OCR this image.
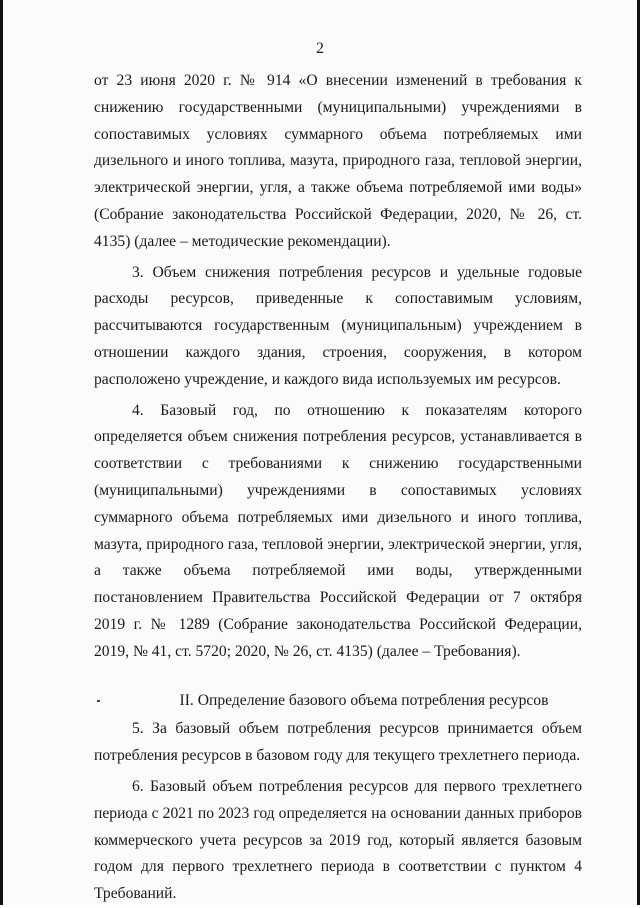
2

от 23 июня 2020 г. № 914 «О внесении изменений в требования к снижению государственными (муниципальными) учреждениями в сопоставимых условиях суммарного объема потребляемых ими дизельного и иного топлива, мазута, природного газа, тепловой энергии, электрической энергии, угля, а также объема потребляемой ими воды» (Собрание законодательства Российской Федерации, 2020, № 26, ст. 4135) (далее – методические рекомендации).

3. Объем снижения потребления ресурсов и удельные годовые расходы ресурсов, приведенные к сопоставимым условиям, рассчитываются государственным (муниципальным) учреждением в отношении каждого здания, строения, сооружения, в котором расположено учреждение, и каждого вида используемых им ресурсов.

4. Базовый год, по отношению к показателям которого определяется объем снижения потребления ресурсов, устанавливается в соответствии с требованиями к снижению государственными (муниципальными) учреждениями в сопоставимых условиях суммарного объема потребляемых ими дизельного и иного топлива, мазута, природного газа, тепловой энергии, электрической энергии, угля, а также объема потребляемой ими воды, утвержденными постановлением Правительства Российской Федерации от 7 октября 2019 г. № 1289 (Собрание законодательства Российской Федерации, 2019, № 41, ст. 5720; 2020, № 26, ст. 4135) (далее – Требования).

II. Определение базового объема потребления ресурсов

5. За базовый объем потребления ресурсов принимается объем потребления ресурсов в базовом году для текущего трехлетнего периода.

6. Базовый объем потребления ресурсов для первого трехлетнего периода с 2021 по 2023 год определяется на основании данных приборов коммерческого учета ресурсов за 2019 год, который является базовым годом для первого трехлетнего периода в соответствии с пунктом 4 Требований.
